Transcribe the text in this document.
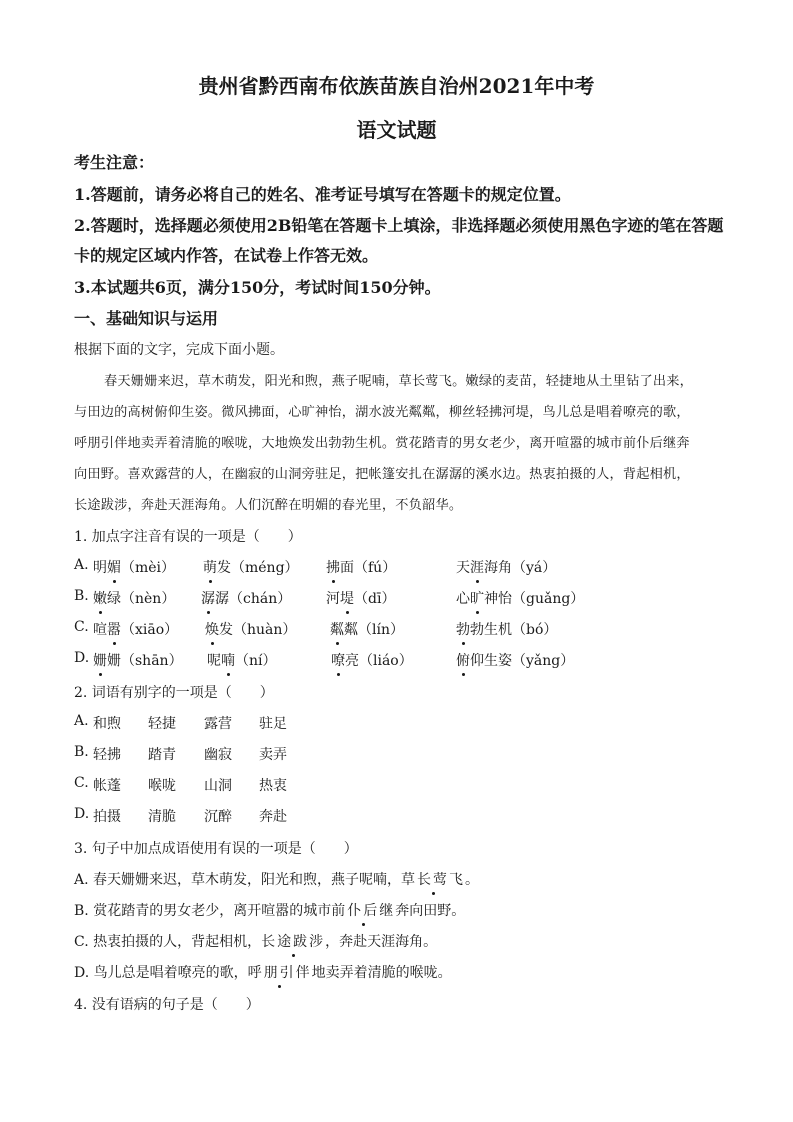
贵州省黔西南布依族苗族自治州2021年中考
语文试题
考生注意：
1.答题前，请务必将自己的姓名、准考证号填写在答题卡的规定位置。
2.答题时，选择题必须使用2B铅笔在答题卡上填涂，非选择题必须使用黑色字迹的笔在答题
卡的规定区域内作答，在试卷上作答无效。
3.本试题共6页，满分150分，考试时间150分钟。
一、基础知识与运用
根据下面的文字，完成下面小题。
春天姗姗来迟，草木萌发，阳光和煦，燕子呢喃，草长莺飞。嫩绿的麦苗，轻捷地从土里钻了出来，
与田边的高树俯仰生姿。微风拂面，心旷神怡，湖水波光粼粼，柳丝轻拂河堤，鸟儿总是唱着嘹亮的歌，
呼朋引伴地卖弄着清脆的喉咙，大地焕发出勃勃生机。赏花踏青的男女老少，离开喧嚣的城市前仆后继奔
向田野。喜欢露营的人，在幽寂的山洞旁驻足，把帐篷安扎在潺潺的溪水边。热衷拍摄的人，背起相机，
长途跋涉，奔赴天涯海角。人们沉醉在明媚的春光里，不负韶华。
1. 加点字注音有误的一项是（　　）
A. 明媚（mèi） 萌发（méng） 拂面（fú）	天涯海角（yá）
B. 嫩绿（nèn） 潺潺（chán） 河堤（dī）	心旷神怡（guǎng）
C. 喧嚣（xiāo） 焕发（huàn） 粼粼（lín）	勃勃生机（bó）
D. 姗姗（shān） 呢喃（ní）	嘹亮（liáo）	俯仰生姿（yǎng）
2. 词语有别字的一项是（　　）
A. 和煦 轻捷 露营 驻足
B. 轻拂 踏青 幽寂 卖弄
C. 帐蓬 喉咙 山洞 热衷
D. 拍摄 清脆 沉醉 奔赴
3. 句子中加点成语使用有误的一项是（　　）
A. 春天姗姗来迟，草木萌发，阳光和煦，燕子呢喃，草长莺飞。
B. 赏花踏青的男女老少，离开喧嚣的城市前仆后继奔向田野。
C. 热衷拍摄的人，背起相机，长途跋涉，奔赴天涯海角。
D. 鸟儿总是唱着嘹亮的歌，呼朋引伴地卖弄着清脆的喉咙。
4. 没有语病的句子是（　　）
